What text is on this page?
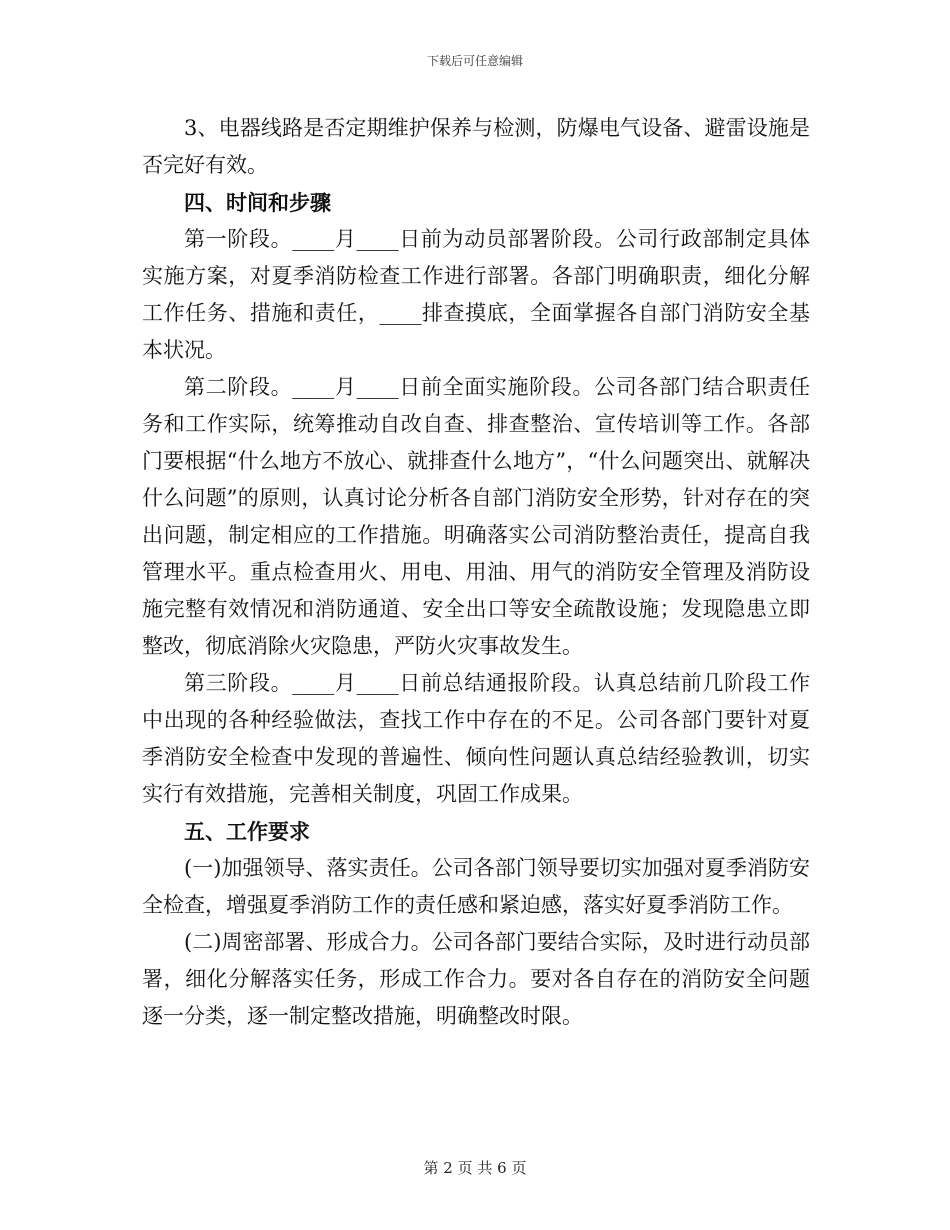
下载后可任意编辑

3、电器线路是否定期维护保养与检测，防爆电气设备、避雷设施是否完好有效。

四、时间和步骤

第一阶段。____月____日前为动员部署阶段。公司行政部制定具体实施方案，对夏季消防检查工作进行部署。各部门明确职责，细化分解工作任务、措施和责任，____排查摸底，全面掌握各自部门消防安全基本状况。

第二阶段。____月____日前全面实施阶段。公司各部门结合职责任务和工作实际，统筹推动自改自查、排查整治、宣传培训等工作。各部门要根据“什么地方不放心、就排查什么地方”，“什么问题突出、就解决什么问题”的原则，认真讨论分析各自部门消防安全形势，针对存在的突出问题，制定相应的工作措施。明确落实公司消防整治责任，提高自我管理水平。重点检查用火、用电、用油、用气的消防安全管理及消防设施完整有效情况和消防通道、安全出口等安全疏散设施；发现隐患立即整改，彻底消除火灾隐患，严防火灾事故发生。

第三阶段。____月____日前总结通报阶段。认真总结前几阶段工作中出现的各种经验做法，查找工作中存在的不足。公司各部门要针对夏季消防安全检查中发现的普遍性、倾向性问题认真总结经验教训，切实实行有效措施，完善相关制度，巩固工作成果。

五、工作要求

(一)加强领导、落实责任。公司各部门领导要切实加强对夏季消防安全检查，增强夏季消防工作的责任感和紧迫感，落实好夏季消防工作。

(二)周密部署、形成合力。公司各部门要结合实际，及时进行动员部署，细化分解落实任务，形成工作合力。要对各自存在的消防安全问题逐一分类，逐一制定整改措施，明确整改时限。

第 2 页 共 6 页
